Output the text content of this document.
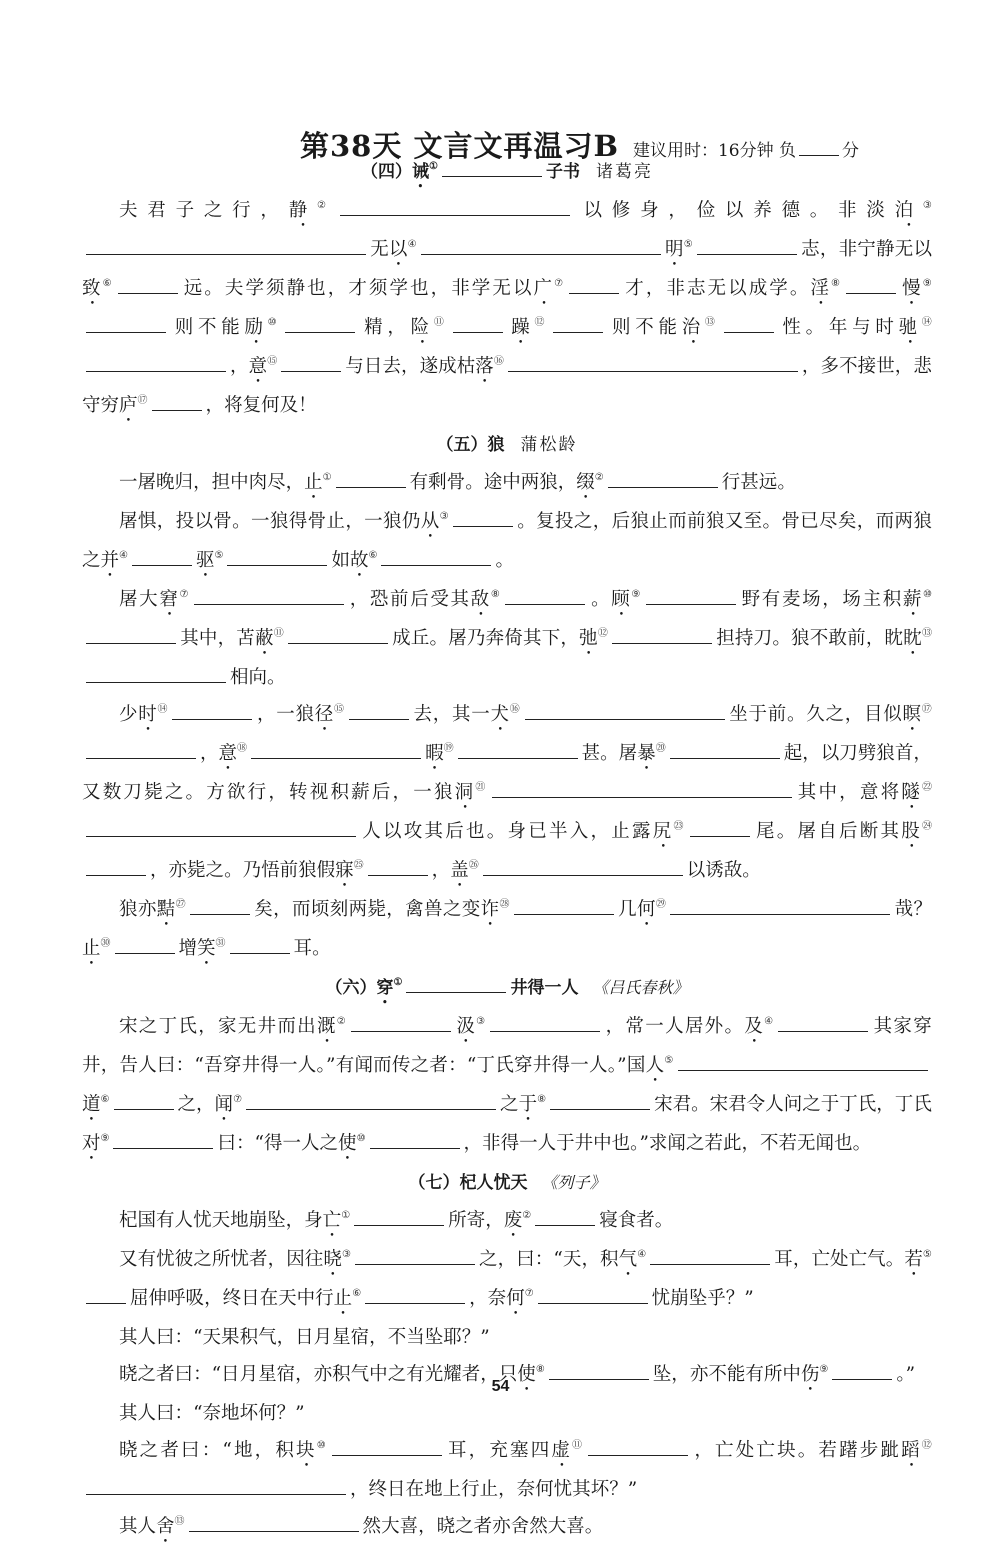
第38天 文言文再温习B 建议用时：16分钟 负	分
（四）诫①	子书 诸葛亮

夫君子之行，静②	以修身，俭以养德。非淡泊③无以④	明⑤	志，非宁静无以致⑥	远。夫学须静也，才须学也，非学无以广⑦	才，非志无以成学。淫⑧	慢⑨则不能励⑩	精，险⑪	躁⑫	则不能治⑬	性。年与时驰⑭，意⑮	与日去，遂成枯落⑯	，多不接世，悲守穷庐⑰	，将复何及！

（五）狼 蒲松龄

一屠晚归，担中肉尽，止①	有剩骨。途中两狼，缀②	行甚远。

屠惧，投以骨。一狼得骨止，一狼仍从③	。复投之，后狼止而前狼又至。骨已尽矣，而两狼之并④	驱⑤	如故⑥	。

屠大窘⑦	，恐前后受其敌⑧	。顾⑨	野有麦场，场主积薪⑩其中，苫蔽⑪	成丘。屠乃奔倚其下，弛⑫	担持刀。狼不敢前，眈眈⑬相向。

少时⑭	，一狼径⑮	去，其一犬⑯	坐于前。久之，目似瞑⑰，意⑱	暇⑲	甚。屠暴⑳	起，以刀劈狼首，又数刀毙之。方欲行，转视积薪后，一狼洞$^㉑$	其中，意将隧$^㉒$人以攻其后也。身已半入，止露尻$^㉓$	尾。屠自后断其股$^㉔$，亦毙之。乃悟前狼假寐$^㉕$	，盖$^㉖$	以诱敌。

狼亦黠$^㉗$	矣，而顷刻两毙，禽兽之变诈$^㉘$	几何$^㉙$	哉？止$^㉚$	增笑$^㉛$	耳。

（六）穿①	井得一人 《吕氏春秋》

宋之丁氏，家无井而出溉②	汲③	，常一人居外。及④	其家穿井，告人曰：“吾穿井得一人。”有闻而传之者：“丁氏穿井得一人。”国人⑤道⑥	之，闻⑦	之于⑧	宋君。宋君令人问之于丁氏，丁氏对⑨	曰：“得一人之使⑩	，非得一人于井中也。”求闻之若此，不若无闻也。

（七）杞人忧天 《列子》

杞国有人忧天地崩坠，身亡①	所寄，废②	寝食者。

又有忧彼之所忧者，因往晓③	之，曰：“天，积气④	耳，亡处亡气。若⑤屈伸呼吸，终日在天中行止⑥	，奈何⑦	忧崩坠乎？”

其人曰：“天果积气，日月星宿，不当坠耶？”

晓之者曰：“日月星宿，亦积气中之有光耀者，只使⑧	坠，亦不能有所中伤⑨	。”

其人曰：“奈地坏何？”

晓之者曰：“地，积块⑩	耳，充塞四虚⑪	，亡处亡块。若躇步跐蹈⑫，终日在地上行止，奈何忧其坏？”

其人舍⑬	然大喜，晓之者亦舍然大喜。

54
